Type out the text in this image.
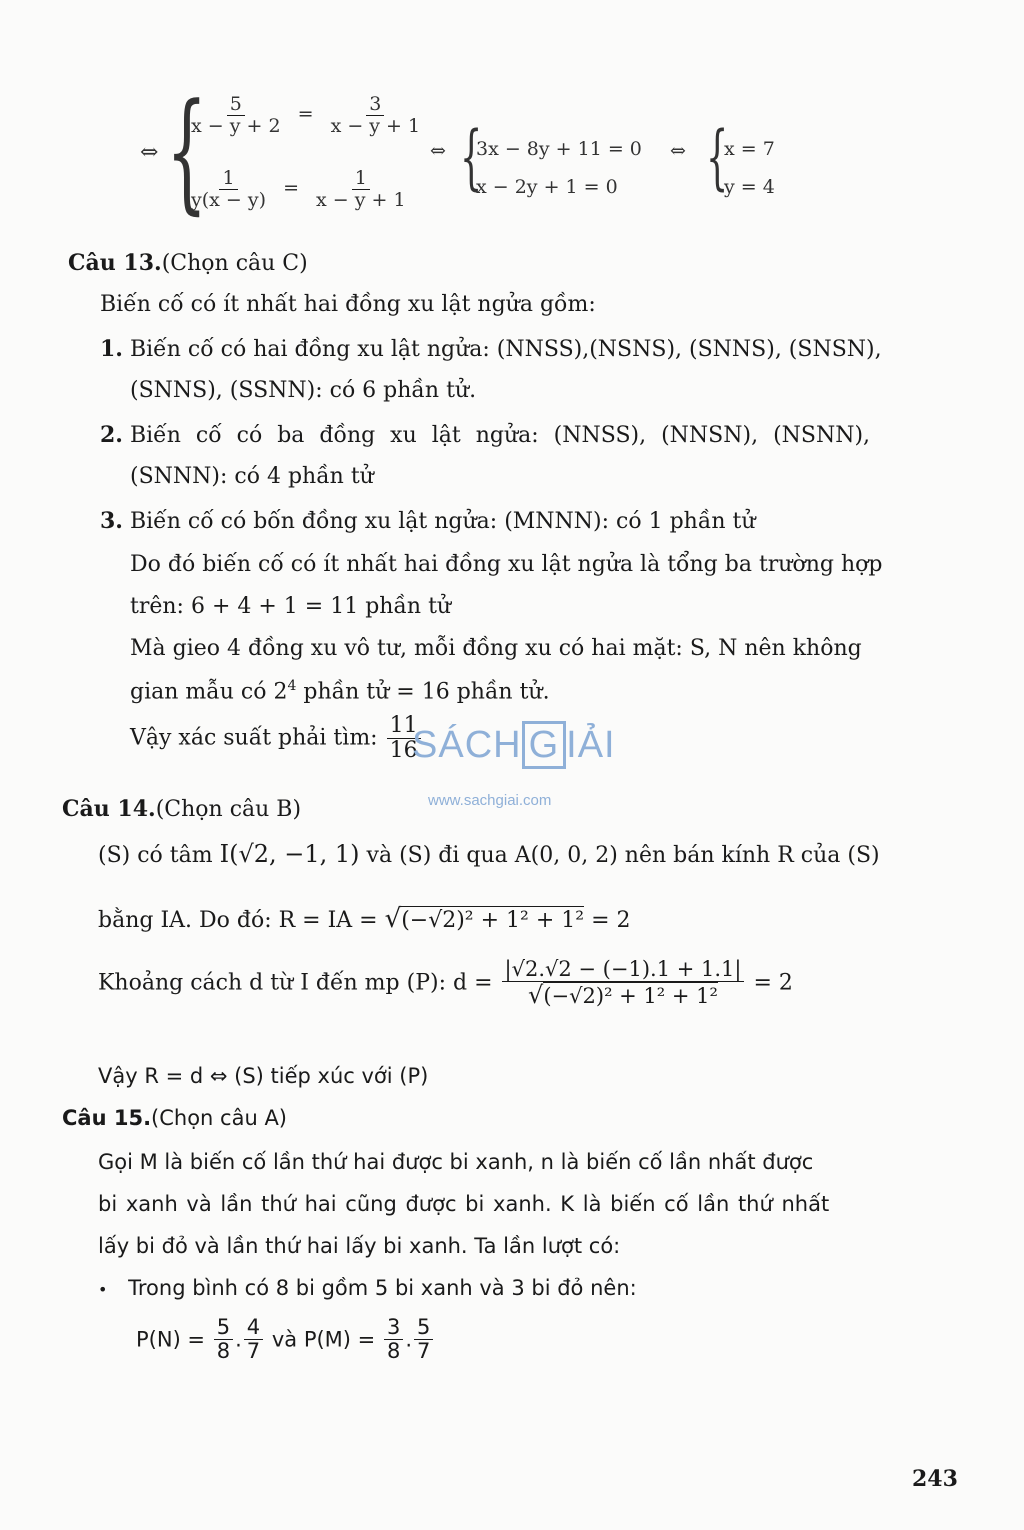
⇔ {
$\frac{5}{x - y + 2} = \frac{3}{x - y + 1}$
$\frac{1}{y(x - y)} = \frac{1}{x - y + 1}$
⇔ {
3x − 8y + 11 = 0
x − 2y + 1 = 0
⇔ {
x = 7
y = 4
Câu 13.(Chọn câu C)
Biến cố có ít nhất hai đồng xu lật ngửa gồm:
1. Biến cố có hai đồng xu lật ngửa: (NNSS),(NSNS), (SNNS), (SNSN),
(SNNS), (SSNN): có 6 phần tử.
2. Biến cố có ba đồng xu lật ngửa: (NNSS), (NNSN), (NSNN),
(SNNN): có 4 phần tử
3. Biến cố có bốn đồng xu lật ngửa: (MNNN): có 1 phần tử
Do đó biến cố có ít nhất hai đồng xu lật ngửa là tổng ba trường hợp
trên: 6 + 4 + 1 = 11 phần tử
Mà gieo 4 đồng xu vô tư, mỗi đồng xu có hai mặt: S, N nên không
gian mẫu có $2^4$ phần tử = 16 phần tử.
Vậy xác suất phải tìm: $\frac{11}{16}$
SÁCH G IẢI
www.sachgiai.com
Câu 14.(Chọn câu B)
(S) có tâm I(√2, −1, 1) và (S) đi qua A(0, 0, 2) nên bán kính R của (S)
bằng IA. Do đó: R = IA = √(−√2)² + 1² + 1² = 2
Khoảng cách d từ I đến mp (P): $d = \frac{|√2.√2 - (-1).1 + 1.1|}{\text{√(−√2)² + 1² + 1²}} = 2$
Vậy R = d ⇔ (S) tiếp xúc với (P)
Câu 15.(Chọn câu A)
Gọi M là biến cố lần thứ hai được bi xanh, n là biến cố lần nhất được
bi xanh và lần thứ hai cũng được bi xanh. K là biến cố lần thứ nhất
lấy bi đỏ và lần thứ hai lấy bi xanh. Ta lần lượt có:
• Trong bình có 8 bi gồm 5 bi xanh và 3 bi đỏ nên:
$P(N) = \frac{5}{8}$ . $\frac{4}{7}$ và $P(M) = \frac{3}{8}$ . $\frac{5}{7}$
243
